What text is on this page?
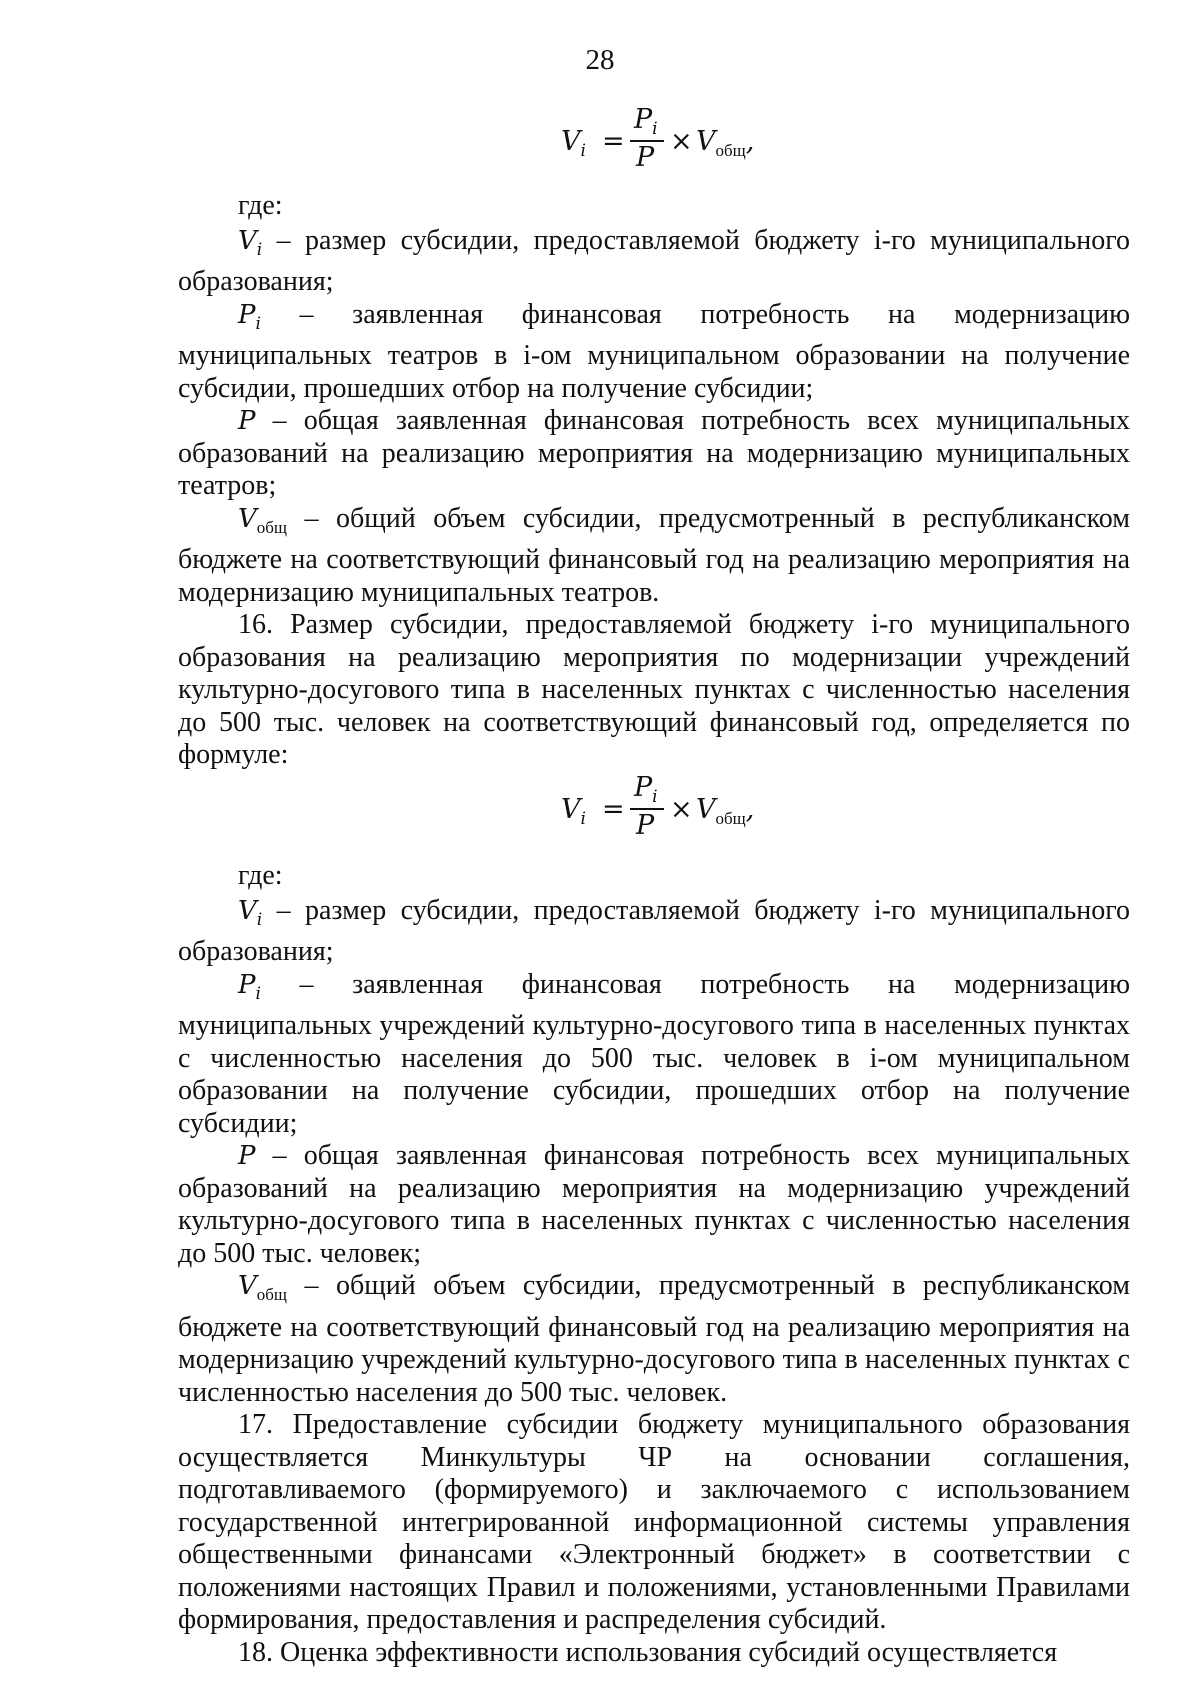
28
$V_i$ =
$P_i$
P
× $V_{общ}$,

где:

$V_i$ – размер субсидии, предоставляемой бюджету i-го муниципального образования;

$P_i$ – заявленная финансовая потребность на модернизацию муниципальных театров в i-ом муниципальном образовании на получение субсидии, прошедших отбор на получение субсидии;

P – общая заявленная финансовая потребность всех муниципальных образований на реализацию мероприятия на модернизацию муниципальных театров;

$V_{общ}$ – общий объем субсидии, предусмотренный в республиканском бюджете на соответствующий финансовый год на реализацию мероприятия на модернизацию муниципальных театров.

16. Размер субсидии, предоставляемой бюджету i-го муниципального образования на реализацию мероприятия по модернизации учреждений культурно-досугового типа в населенных пунктах с численностью населения до 500 тыс. человек на соответствующий финансовый год, определяется по формуле:

$V_i$ =
$P_i$
P
× $V_{общ}$,

где:

$V_i$ – размер субсидии, предоставляемой бюджету i-го муниципального образования;

$P_i$ – заявленная финансовая потребность на модернизацию муниципальных учреждений культурно-досугового типа в населенных пунктах с численностью населения до 500 тыс. человек в i-ом муниципальном образовании на получение субсидии, прошедших отбор на получение субсидии;

P – общая заявленная финансовая потребность всех муниципальных образований на реализацию мероприятия на модернизацию учреждений культурно-досугового типа в населенных пунктах с численностью населения до 500 тыс. человек;

$V_{общ}$ – общий объем субсидии, предусмотренный в республиканском бюджете на соответствующий финансовый год на реализацию мероприятия на модернизацию учреждений культурно-досугового типа в населенных пунктах с численностью населения до 500 тыс. человек.

17. Предоставление субсидии бюджету муниципального образования осуществляется Минкультуры ЧР на основании соглашения, подготавливаемого (формируемого) и заключаемого с использованием государственной интегрированной информационной системы управления общественными финансами «Электронный бюджет» в соответствии с положениями настоящих Правил и положениями, установленными Правилами формирования, предоставления и распределения субсидий.

18. Оценка эффективности использования субсидий осуществляется
